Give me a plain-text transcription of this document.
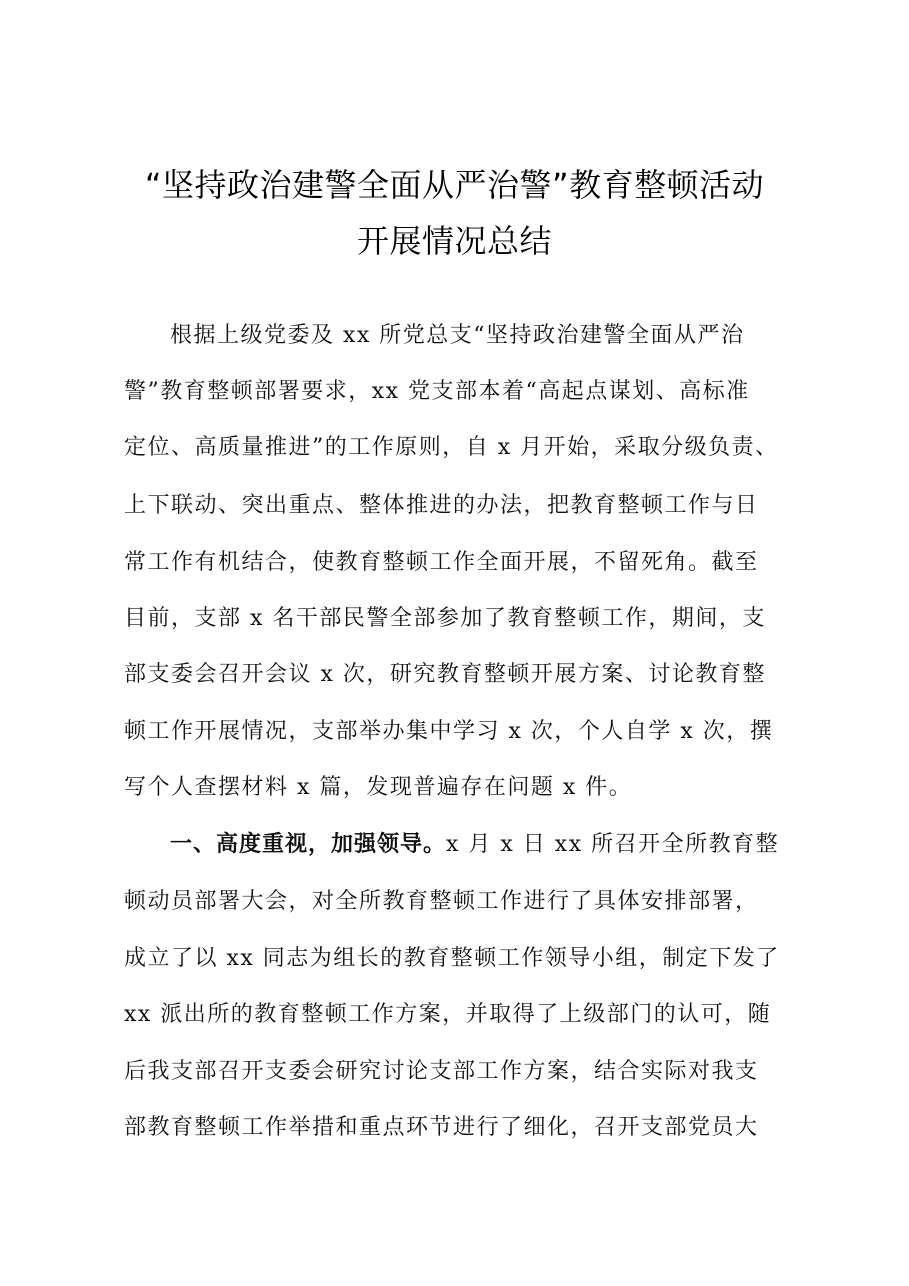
“坚持政治建警全面从严治警”教育整顿活动
开展情况总结
根据上级党委及 xx 所党总支“坚持政治建警全面从严治
警”教育整顿部署要求，xx 党支部本着“高起点谋划、高标准
定位、高质量推进”的工作原则，自 x 月开始，采取分级负责、
上下联动、突出重点、整体推进的办法，把教育整顿工作与日
常工作有机结合，使教育整顿工作全面开展，不留死角。截至
目前，支部 x 名干部民警全部参加了教育整顿工作，期间，支
部支委会召开会议 x 次，研究教育整顿开展方案、讨论教育整
顿工作开展情况，支部举办集中学习 x 次，个人自学 x 次，撰
写个人查摆材料 x 篇，发现普遍存在问题 x 件。
一、高度重视，加强领导。x 月 x 日 xx 所召开全所教育整
顿动员部署大会，对全所教育整顿工作进行了具体安排部署，
成立了以 xx 同志为组长的教育整顿工作领导小组，制定下发了
xx 派出所的教育整顿工作方案，并取得了上级部门的认可，随
后我支部召开支委会研究讨论支部工作方案，结合实际对我支
部教育整顿工作举措和重点环节进行了细化，召开支部党员大
